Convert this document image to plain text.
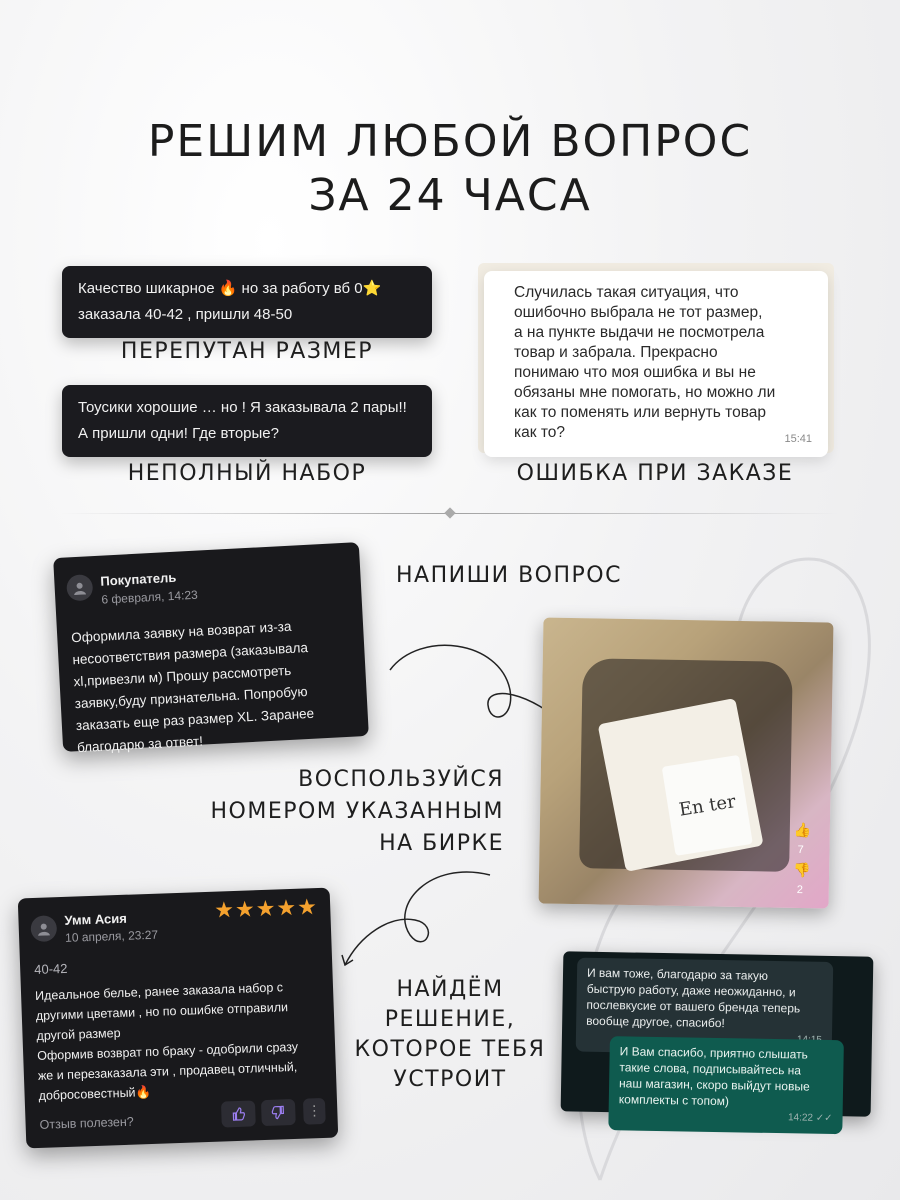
РЕШИМ ЛЮБОЙ ВОПРОС
ЗА 24 ЧАСА
Качество шикарное 🔥 но за работу вб 0⭐
заказала 40-42 , пришли 48-50
ПЕРЕПУТАН РАЗМЕР
Тоусики хорошие … но ! Я заказывала 2 пары!!
А пришли одни! Где вторые?
НЕПОЛНЫЙ НАБОР
Случилась такая ситуация, что
ошибочно выбрала не тот размер,
а на пункте выдачи не посмотрела
товар и забрала. Прекрасно
понимаю что моя ошибка и вы не
обязаны мне помогать, но можно ли
как то поменять или вернуть товар
как то?	15:41
ОШИБКА ПРИ ЗАКАЗЕ
Покупатель
6 февраля, 14:23
Оформила заявку на возврат из-за
несоответствия размера (заказывала
xl,привезли м) Прошу рассмотреть
заявку,буду признательна. Попробую
заказать еще раз размер XL. Заранее
благодарю за ответ!
НАПИШИ ВОПРОС
En ter
👍
7
👎
2
ВОСПОЛЬЗУЙСЯ
НОМЕРОМ УКАЗАННЫМ
НА БИРКЕ
Умм Асия
10 апреля, 23:27
★★★★★
40-42
Идеальное белье, ранее заказала набор с
другими цветами , но по ошибке отправили
другой размер
Оформив возврат по браку - одобрили сразу
же и перезаказала эти , продавец отличный,
добросовестный🔥
Отзыв полезен?
⋮
НАЙДЁМ
РЕШЕНИЕ,
КОТОРОЕ ТЕБЯ
УСТРОИТ
И вам тоже, благодарю за такую
быструю работу, даже неожиданно, и
послевкусие от вашего бренда теперь
вообще другое, спасибо!
И Вам спасибо, приятно слышать
такие слова, подписывайтесь на
наш магазин, скоро выйдут новые
комплекты с топом)
14:22 ✓✓
